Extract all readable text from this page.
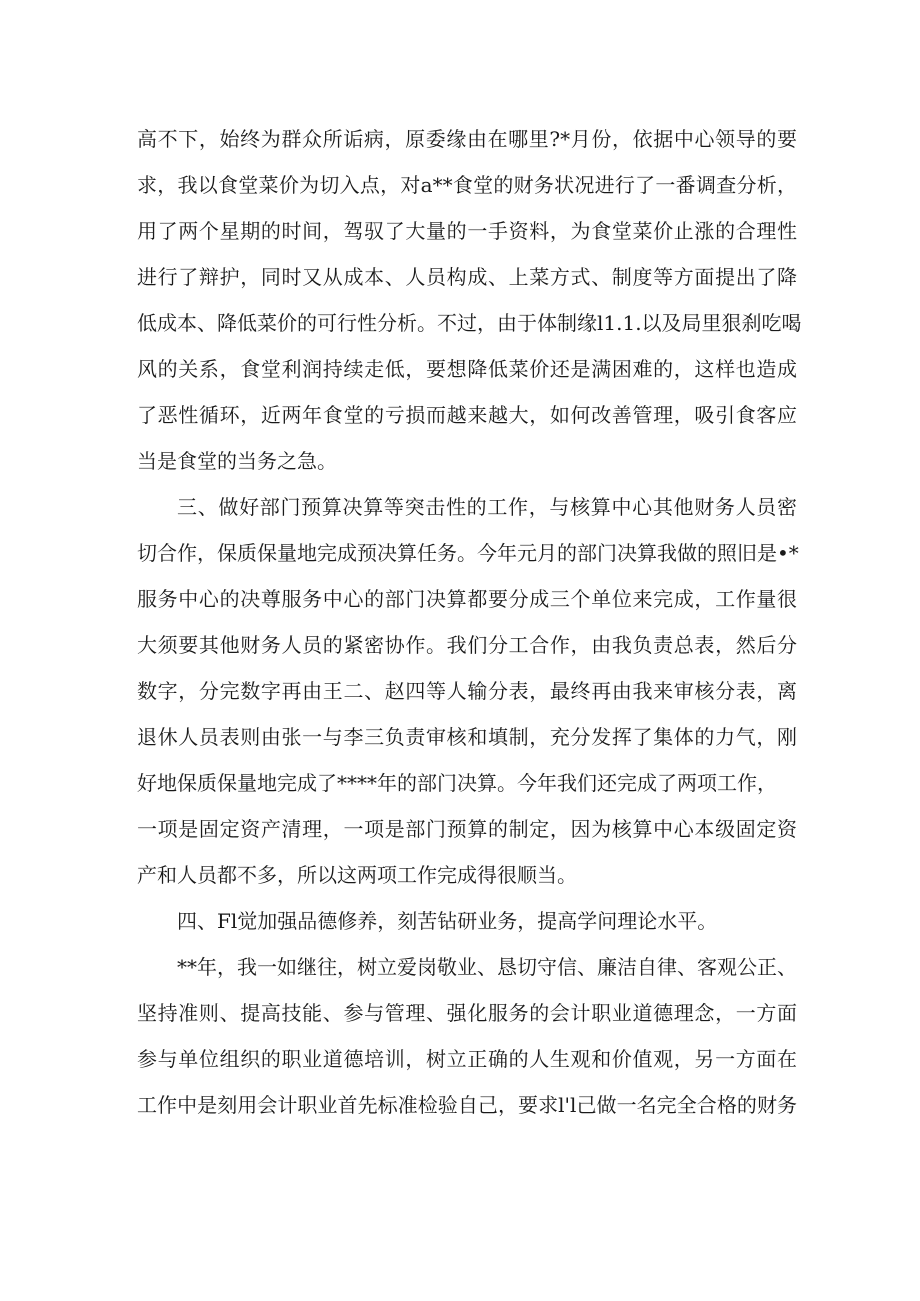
高不下，始终为群众所诟病，原委缘由在哪里?*月份，依据中心领导的要
求，我以食堂菜价为切入点，对a**食堂的财务状况进行了一番调查分析，
用了两个星期的时间，驾驭了大量的一手资料，为食堂菜价止涨的合理性
进行了辩护，同时又从成本、人员构成、上菜方式、制度等方面提出了降
低成本、降低菜价的可行性分析。不过，由于体制缘l1.1.以及局里狠刹吃喝
风的关系，食堂利润持续走低，要想降低菜价还是满困难的，这样也造成
了恶性循环，近两年食堂的亏损而越来越大，如何改善管理，吸引食客应
当是食堂的当务之急。
三、做好部门预算决算等突击性的工作，与核算中心其他财务人员密
切合作，保质保量地完成预决算任务。今年元月的部门决算我做的照旧是•*
服务中心的决尊服务中心的部门决算都要分成三个单位来完成，工作量很
大须要其他财务人员的紧密协作。我们分工合作，由我负责总表，然后分
数字，分完数字再由王二、赵四等人输分表，最终再由我来审核分表，离
退休人员表则由张一与李三负责审核和填制，充分发挥了集体的力气，刚
好地保质保量地完成了****年的部门决算。今年我们还完成了两项工作，
一项是固定资产清理，一项是部门预算的制定，因为核算中心本级固定资
产和人员都不多，所以这两项工作完成得很顺当。
四、Fl觉加强品德修养，刻苦钻研业务，提高学问理论水平。
**年，我一如继往，树立爱岗敬业、恳切守信、廉洁自律、客观公正、
坚持准则、提高技能、参与管理、强化服务的会计职业道德理念，一方面
参与单位组织的职业道德培训，树立正确的人生观和价值观，另一方面在
工作中是刻用会计职业首先标准检验自己，要求l'l己做一名完全合格的财务
